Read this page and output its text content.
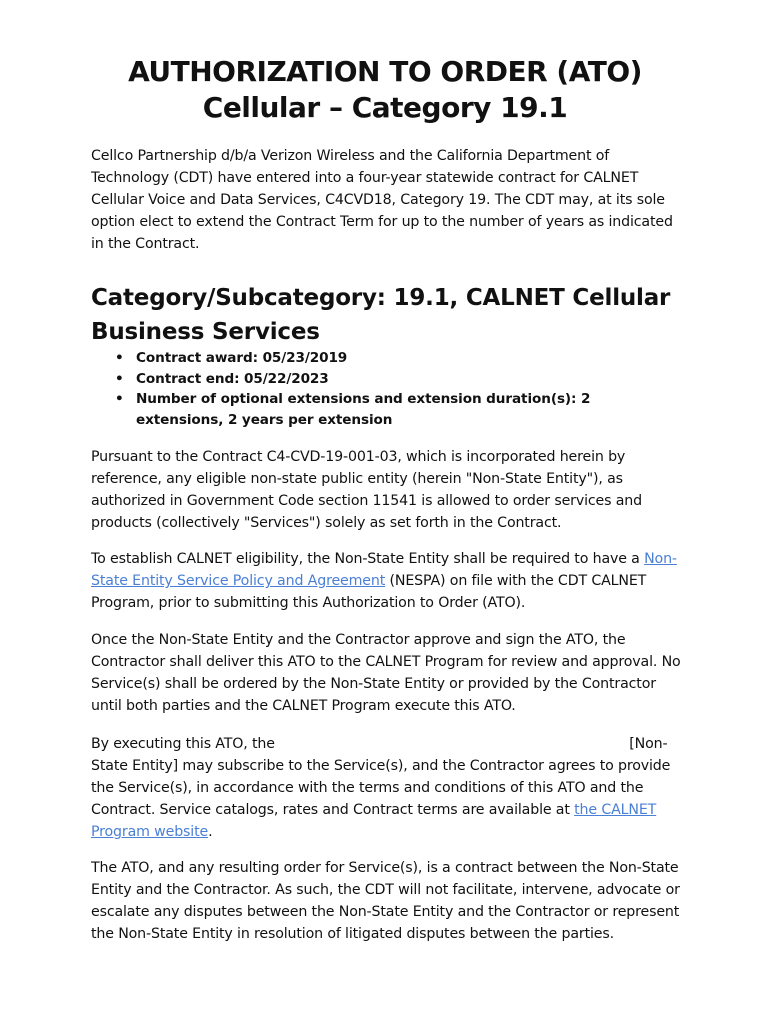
AUTHORIZATION TO ORDER (ATO)
Cellular – Category 19.1

Cellco Partnership d/b/a Verizon Wireless and the California Department of Technology (CDT) have entered into a four-year statewide contract for CALNET Cellular Voice and Data Services, C4CVD18, Category 19. The CDT may, at its sole option elect to extend the Contract Term for up to the number of years as indicated in the Contract.

Category/Subcategory: 19.1, CALNET Cellular
Business Services
• Contract award: 05/23/2019
• Contract end: 05/22/2023
• Number of optional extensions and extension duration(s): 2 extensions, 2 years per extension

Pursuant to the Contract C4-CVD-19-001-03, which is incorporated herein by reference, any eligible non-state public entity (herein "Non-State Entity"), as authorized in Government Code section 11541 is allowed to order services and products (collectively "Services") solely as set forth in the Contract.

To establish CALNET eligibility, the Non-State Entity shall be required to have a Non-State Entity Service Policy and Agreement (NESPA) on file with the CDT CALNET Program, prior to submitting this Authorization to Order (ATO).

Once the Non-State Entity and the Contractor approve and sign the ATO, the Contractor shall deliver this ATO to the CALNET Program for review and approval. No Service(s) shall be ordered by the Non-State Entity or provided by the Contractor until both parties and the CALNET Program execute this ATO.

By executing this ATO, the	[Non-State Entity] may subscribe to the Service(s), and the Contractor agrees to provide the Service(s), in accordance with the terms and conditions of this ATO and the Contract. Service catalogs, rates and Contract terms are available at the CALNET Program website.

The ATO, and any resulting order for Service(s), is a contract between the Non-State Entity and the Contractor. As such, the CDT will not facilitate, intervene, advocate or escalate any disputes between the Non-State Entity and the Contractor or represent the Non-State Entity in resolution of litigated disputes between the parties.
